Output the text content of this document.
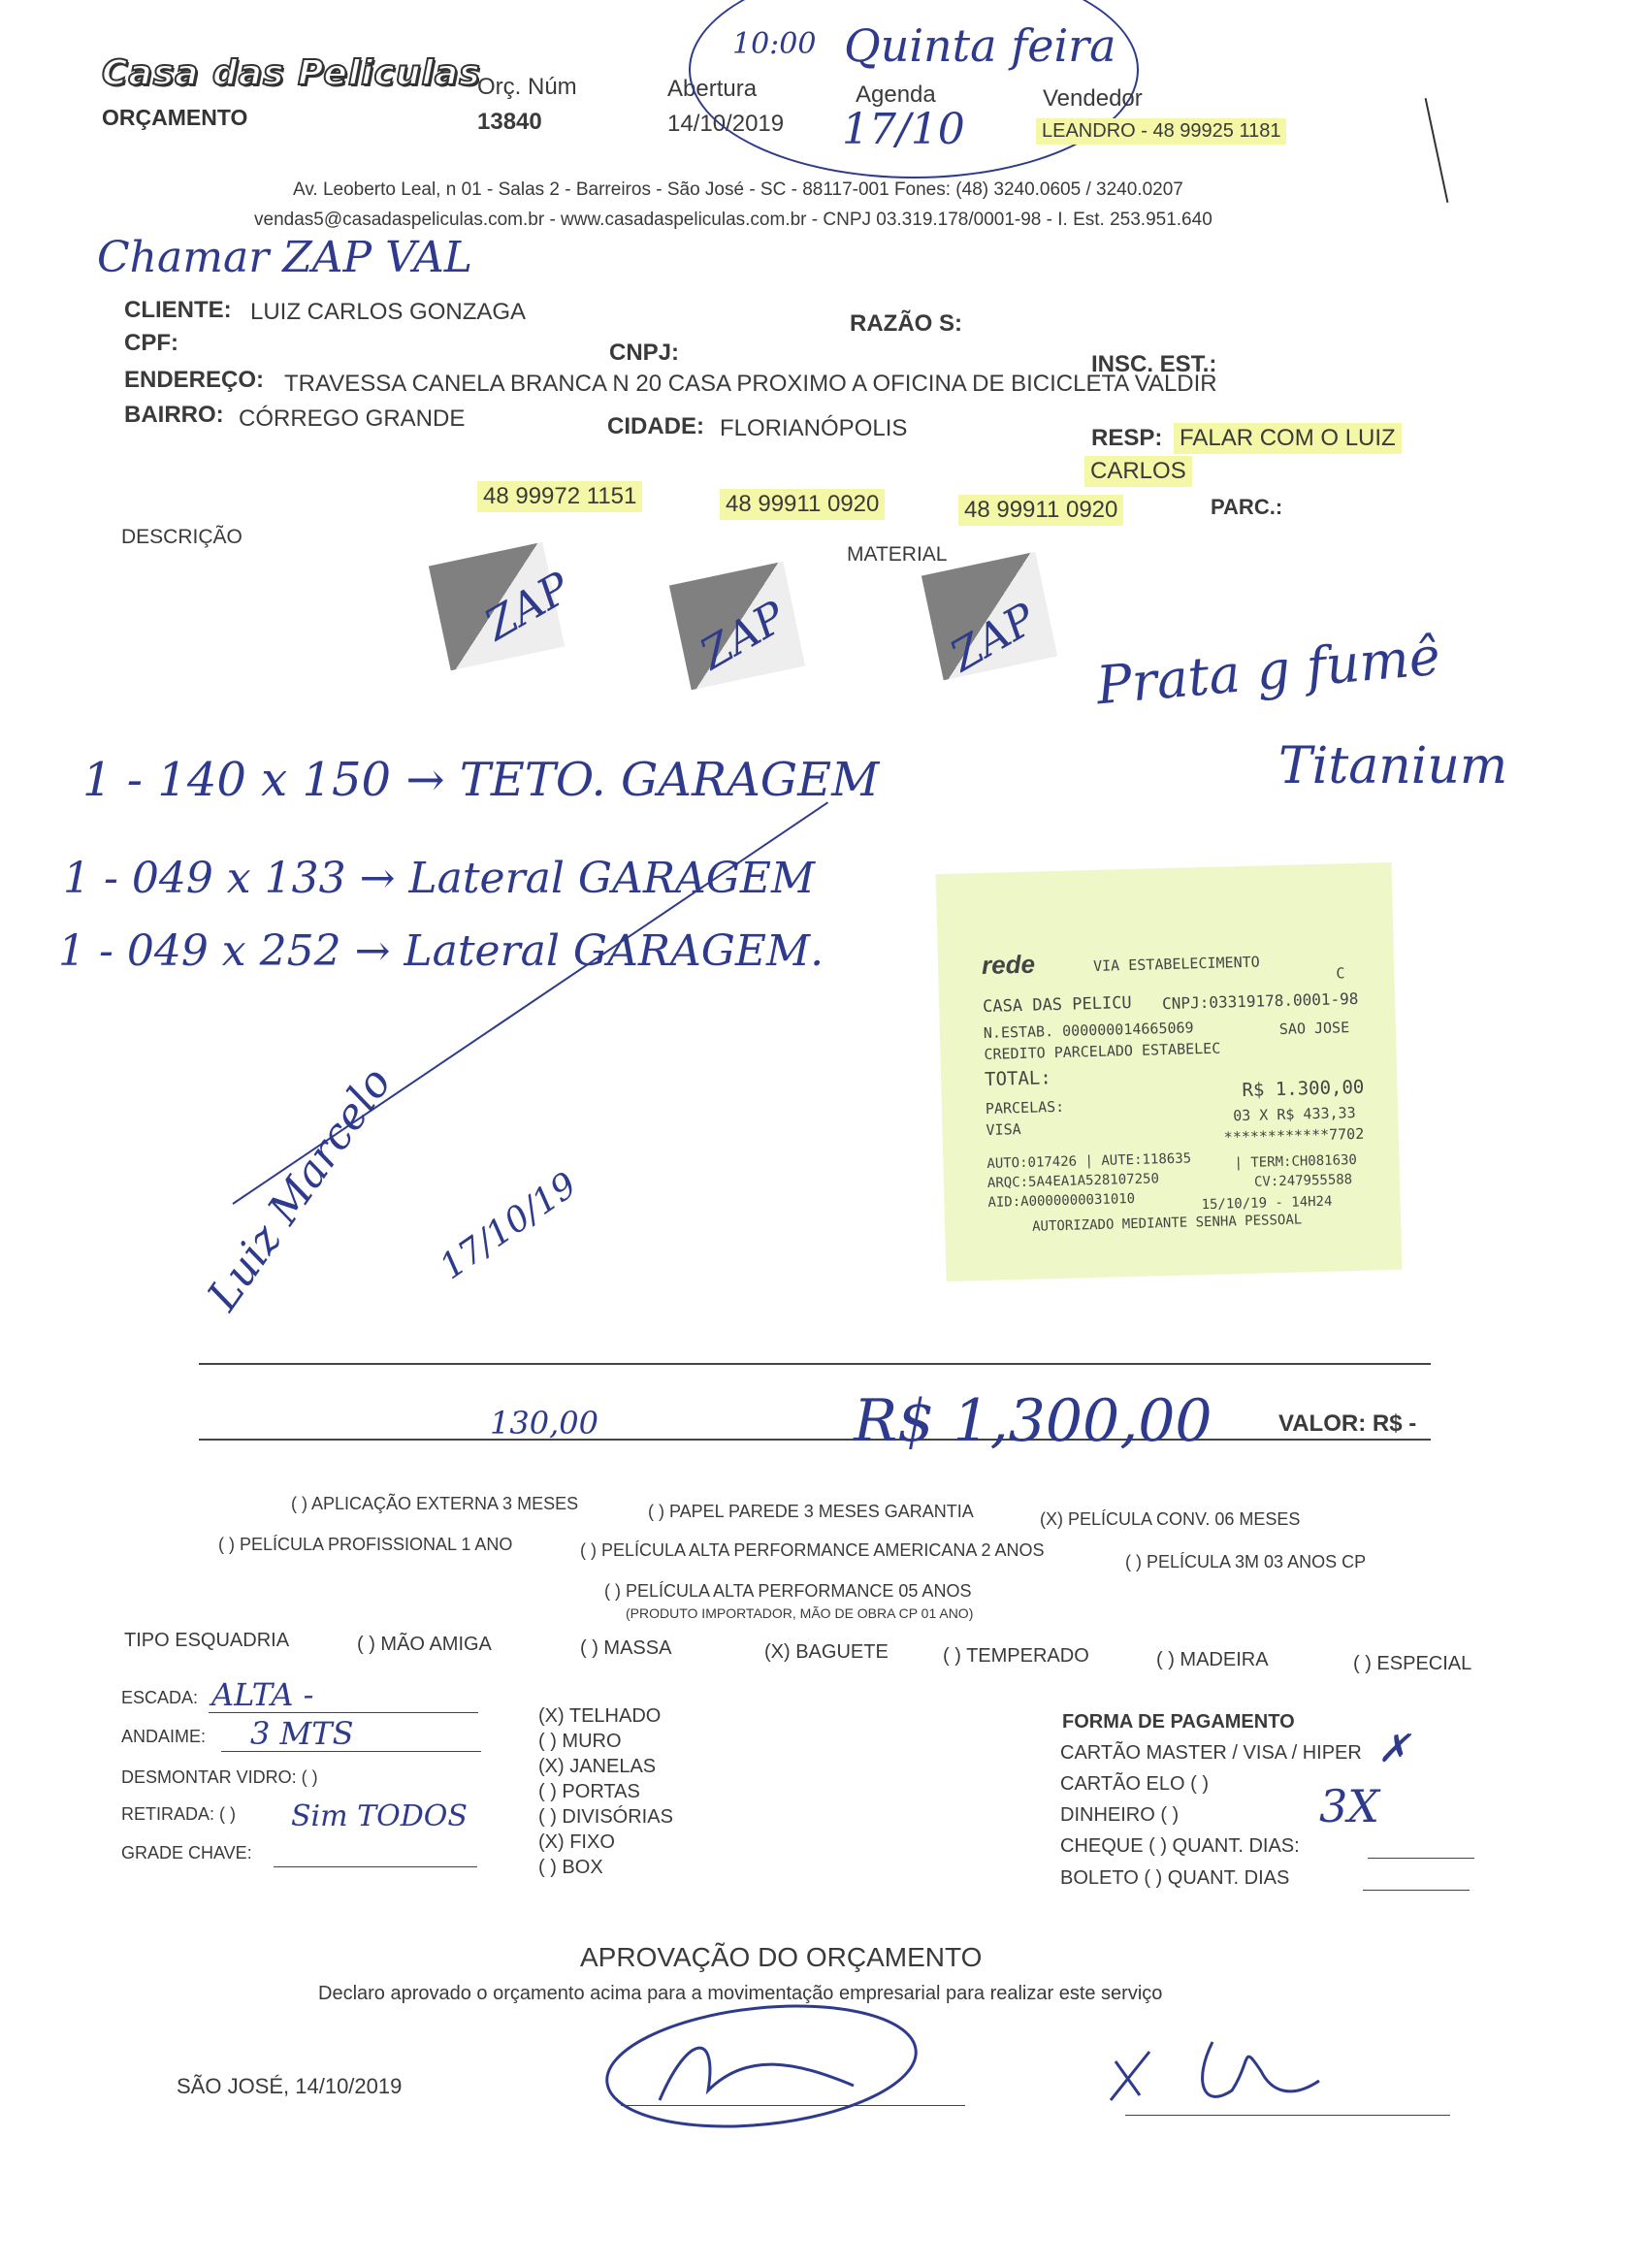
Casa das Peliculas
ORÇAMENTO
Orç. Núm
13840
Abertura
14/10/2019
Agenda
10:00 Quinta feira
17/10
Vendedor
LEANDRO - 48 99925 1181
Av. Leoberto Leal, n 01 - Salas 2 - Barreiros - São José - SC - 88117-001 Fones: (48) 3240.0605 / 3240.0207
vendas5@casadaspeliculas.com.br - www.casadaspeliculas.com.br - CNPJ 03.319.178/0001-98 - I. Est. 253.951.640
Chamar ZAP VAL
CLIENTE: LUIZ CARLOS GONZAGA	RAZÃO S:
CPF:	CNPJ:	INSC. EST.:
ENDEREÇO: TRAVESSA CANELA BRANCA N 20 CASA PROXIMO A OFICINA DE BICICLETA VALDIR
BAIRRO: CÓRREGO GRANDE	CIDADE: FLORIANÓPOLIS	RESP: FALAR COM O LUIZ
CARLOS
48 99972 1151	48 99911 0920	48 99911 0920	PARC.:
DESCRIÇÃO
MATERIAL
ZAP	ZAP	ZAP Prata g fumê
Titanium
1 - 140 x 150 → TETO. GARAGEM
1 - 049 x 133 → Lateral GARAGEM
1 - 049 x 252 → Lateral GARAGEM.
Luiz Marcelo 17/10/19
rede	VIA ESTABELECIMENTO	C
CASA DAS PELICU CNPJ:03319178.0001-98
N.ESTAB. 000000014665069	SAO JOSE
CREDITO PARCELADO ESTABELEC
TOTAL:	R$ 1.300,00
PARCELAS:	03 X R$ 433,33
VISA	************7702
AUTO:017426 | AUTE:118635	| TERM:CH081630
ARQC:5A4EA1A528107250	CV:247955588
AID:A0000000031010	15/10/19 - 14H24
AUTORIZADO MEDIANTE SENHA PESSOAL
130,00	R$ 1,300,00	VALOR: R$ -
( ) APLICAÇÃO EXTERNA 3 MESES	( ) PAPEL PAREDE 3 MESES GARANTIA	(X) PELÍCULA CONV. 06 MESES
( ) PELÍCULA PROFISSIONAL 1 ANO	( ) PELÍCULA ALTA PERFORMANCE AMERICANA 2 ANOS
( ) PELÍCULA 3M 03 ANOS CP
( ) PELÍCULA ALTA PERFORMANCE 05 ANOS
(PRODUTO IMPORTADOR, MÃO DE OBRA CP 01 ANO)
TIPO ESQUADRIA	( ) MÃO AMIGA	( ) MASSA	(X) BAGUETE	( ) TEMPERADO	( ) MADEIRA	( ) ESPECIAL
ESCADA: ALTA -
ANDAIME: 3 MTS
DESMONTAR VIDRO: ( )
RETIRADA: ( ) Sim TODOS
GRADE CHAVE:
(X) TELHADO
( ) MURO
(X) JANELAS
( ) PORTAS
( ) DIVISÓRIAS
(X) FIXO
( ) BOX
FORMA DE PAGAMENTO
CARTÃO MASTER / VISA / HIPER ✗
CARTÃO ELO ( )
DINHEIRO ( )	3X
CHEQUE ( ) QUANT. DIAS:
BOLETO ( ) QUANT. DIAS
APROVAÇÃO DO ORÇAMENTO
Declaro aprovado o orçamento acima para a movimentação empresarial para realizar este serviço
SÃO JOSÉ, 14/10/2019
